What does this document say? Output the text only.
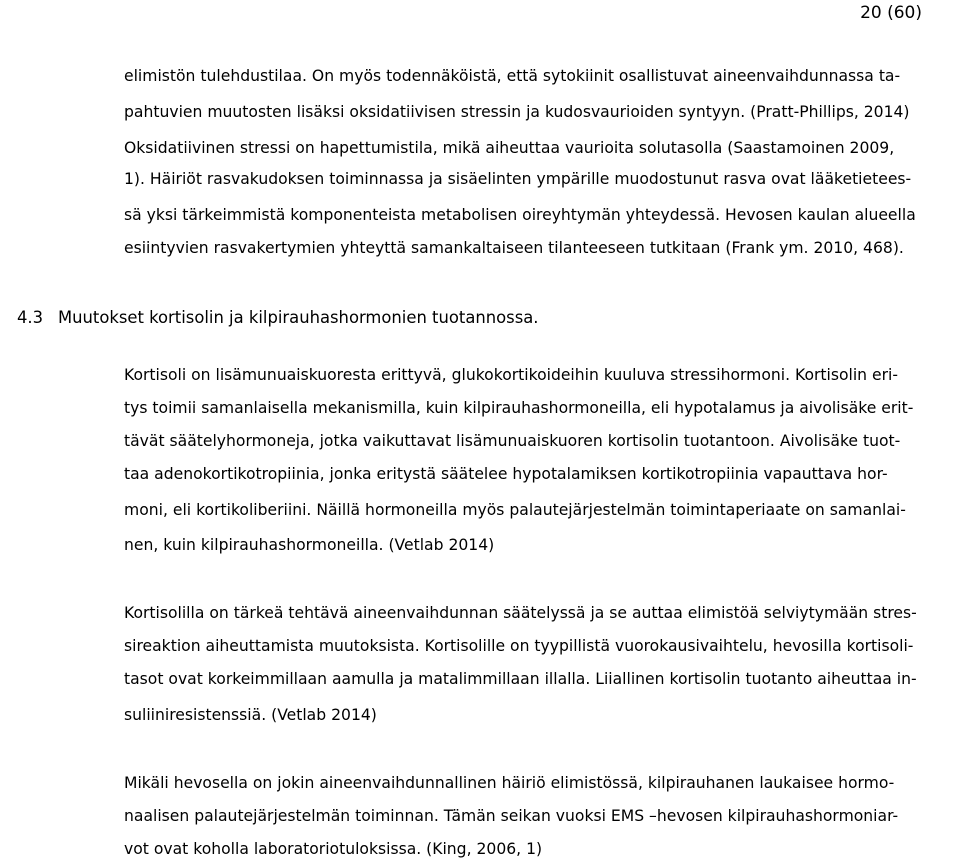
20 (60)
elimistön tulehdustilaa. On myös todennäköistä, että sytokiinit osallistuvat aineenvaihdunnassa ta-
pahtuvien muutosten lisäksi oksidatiivisen stressin ja kudosvaurioiden syntyyn. (Pratt-Phillips, 2014)
Oksidatiivinen stressi on hapettumistila, mikä aiheuttaa vaurioita solutasolla (Saastamoinen 2009,
1). Häiriöt rasvakudoksen toiminnassa ja sisäelinten ympärille muodostunut rasva ovat lääketietees-
sä yksi tärkeimmistä komponenteista metabolisen oireyhtymän yhteydessä. Hevosen kaulan alueella
esiintyvien rasvakertymien yhteyttä samankaltaiseen tilanteeseen tutkitaan (Frank ym. 2010, 468).
4.3 Muutokset kortisolin ja kilpirauhashormonien tuotannossa.
Kortisoli on lisämunuaiskuoresta erittyvä, glukokortikoideihin kuuluva stressihormoni. Kortisolin eri-
tys toimii samanlaisella mekanismilla, kuin kilpirauhashormoneilla, eli hypotalamus ja aivolisäke erit-
tävät säätelyhormoneja, jotka vaikuttavat lisämunuaiskuoren kortisolin tuotantoon. Aivolisäke tuot-
taa adenokortikotropiinia, jonka eritystä säätelee hypotalamiksen kortikotropiinia vapauttava hor-
moni, eli kortikoliberiini. Näillä hormoneilla myös palautejärjestelmän toimintaperiaate on samanlai-
nen, kuin kilpirauhashormoneilla. (Vetlab 2014)
Kortisolilla on tärkeä tehtävä aineenvaihdunnan säätelyssä ja se auttaa elimistöä selviytymään stres-
sireaktion aiheuttamista muutoksista. Kortisolille on tyypillistä vuorokausivaihtelu, hevosilla kortisoli-
tasot ovat korkeimmillaan aamulla ja matalimmillaan illalla. Liiallinen kortisolin tuotanto aiheuttaa in-
suliiniresistenssiä. (Vetlab 2014)
Mikäli hevosella on jokin aineenvaihdunnallinen häiriö elimistössä, kilpirauhanen laukaisee hormo-
naalisen palautejärjestelmän toiminnan. Tämän seikan vuoksi EMS –hevosen kilpirauhashormoniar-
vot ovat koholla laboratoriotuloksissa. (King, 2006, 1)
